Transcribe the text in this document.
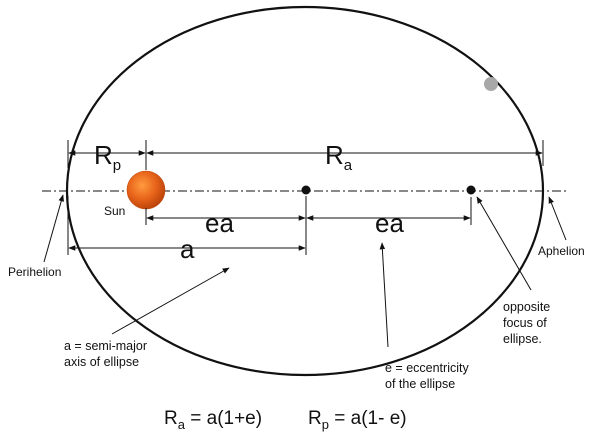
Rp	Ra
Sun	ea	ea
a
Perihelion
Aphelion
a = semi-major
axis of ellipse	e = eccentricity
of the ellipse
opposite
focus of
ellipse.
$R_a = a(1+e) R_p = a(1-$ e)
